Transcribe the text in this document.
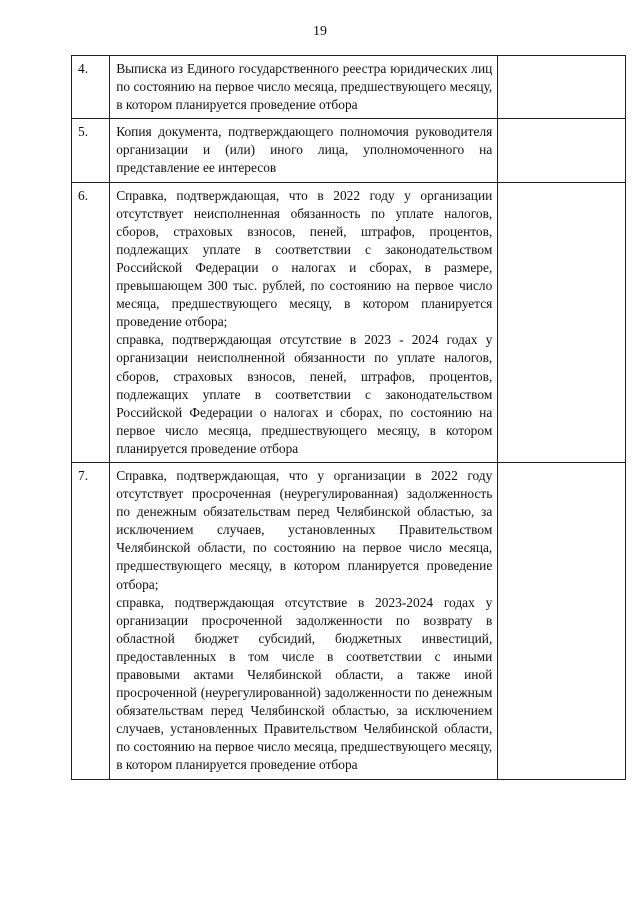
19
4.	Выписка из Единого государственного реестра юридических лиц по состоянию на первое число месяца, предшествующего месяцу, в котором планируется проведение отбора	

5.	Копия документа, подтверждающего полномочия руководителя организации и (или) иного лица, уполномоченного на представление ее интересов	

6.	Справка, подтверждающая, что в 2022 году у организации отсутствует неисполненная обязанность по уплате налогов, сборов, страховых взносов, пеней, штрафов, процентов, подлежащих уплате в соответствии с законодательством Российской Федерации о налогах и сборах, в размере, превышающем 300 тыс. рублей, по состоянию на первое число месяца, предшествующего месяцу, в котором планируется проведение отбора;

справка, подтверждающая отсутствие в 2023 - 2024 годах у организации неисполненной обязанности по уплате налогов, сборов, страховых взносов, пеней, штрафов, процентов, подлежащих уплате в соответствии с законодательством Российской Федерации о налогах и сборах, по состоянию на первое число месяца, предшествующего месяцу, в котором планируется проведение отбора	

7.	Справка, подтверждающая, что у организации в 2022 году отсутствует просроченная (неурегулированная) задолженность по денежным обязательствам перед Челябинской областью, за исключением случаев, установленных Правительством Челябинской области, по состоянию на первое число месяца, предшествующего месяцу, в котором планируется проведение отбора;

справка, подтверждающая отсутствие в 2023-2024 годах у организации просроченной задолженности по возврату в областной бюджет субсидий, бюджетных инвестиций, предоставленных в том числе в соответствии с иными правовыми актами Челябинской области, а также иной просроченной (неурегулированной) задолженности по денежным обязательствам перед Челябинской областью, за исключением случаев, установленных Правительством Челябинской области, по состоянию на первое число месяца, предшествующего месяцу, в котором планируется проведение отбора	
